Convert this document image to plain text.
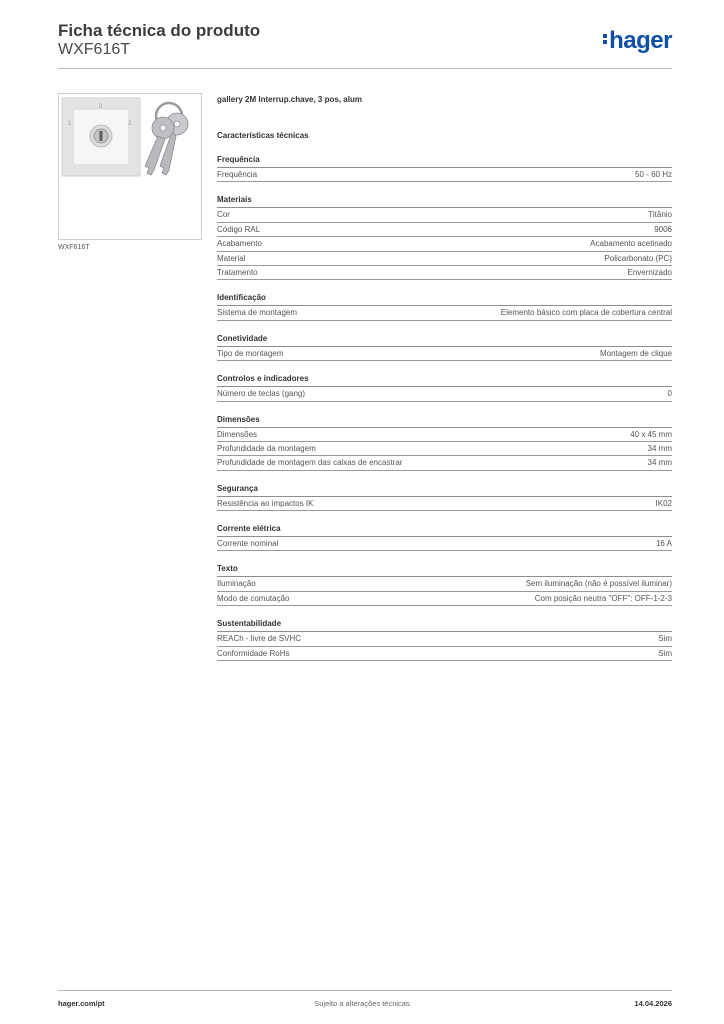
Ficha técnica do produto
WXF616T	hager
0
1	2
WXF616T
gallery 2M Interrup.chave, 3 pos, alum
Características técnicas
Frequência
Frequência	50 - 60 Hz
Materiais
Cor	Titânio
Código RAL	9006
Acabamento	Acabamento acetinado
Material	Policarbonato (PC)
Tratamento	Envernizado
Identificação
Sistema de montagem	Elemento básico com placa de cobertura central
Conetividade
Tipo de montagem	Montagem de clique
Controlos e indicadores
Número de teclas (gang)	0
Dimensões
Dimensões	40 x 45 mm
Profundidade da montagem	34 mm
Profundidade de montagem das caixas de encastrar	34 mm
Segurança
Resistência ao impactos IK	IK02
Corrente elétrica
Corrente nominal	16 A
Texto
Iluminação	Sem iluminação (não é possível iluminar)
Modo de comutação	Com posição neutra "OFF": OFF-1-2-3
Sustentabilidade
REACh - livre de SVHC	Sim
Conformidade RoHs	Sim
hager.com/pt	Sujeito a alterações técnicas	14.04.2026
